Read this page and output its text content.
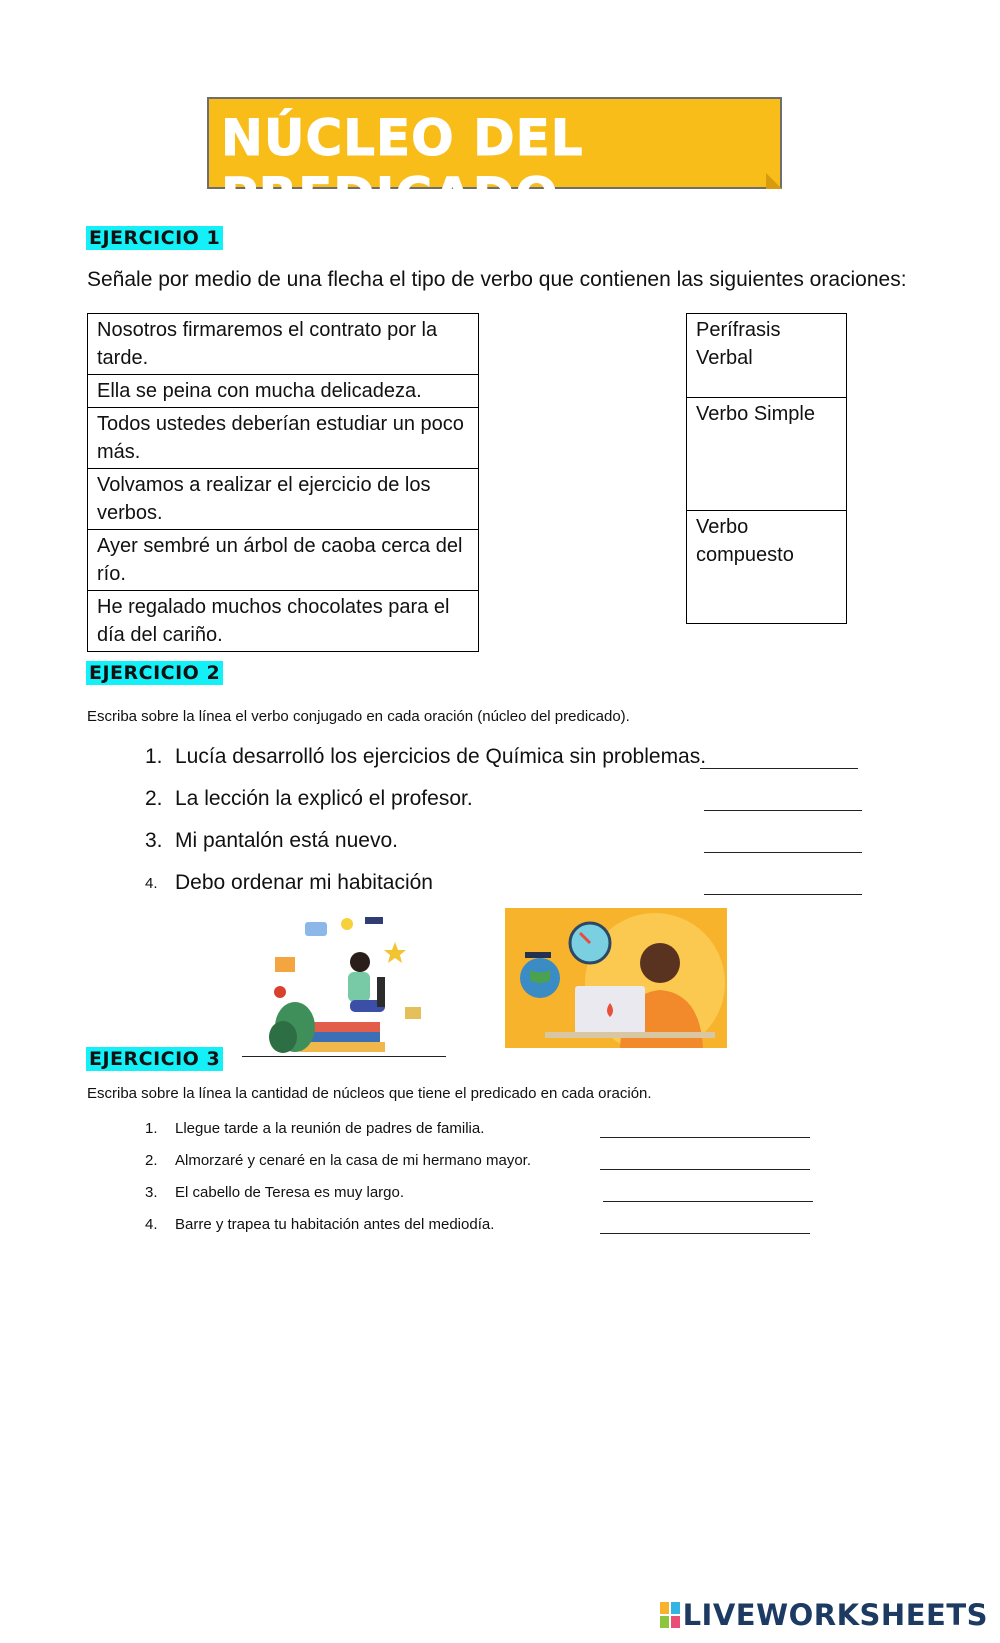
NÚCLEO DEL PREDICADO
EJERCICIO 1
Señale por medio de una flecha el tipo de verbo que contienen las siguientes oraciones:
Nosotros firmaremos el contrato por la tarde.
Ella se peina con mucha delicadeza.
Todos ustedes deberían estudiar un poco más.
Volvamos a realizar el ejercicio de los verbos.
Ayer sembré un árbol de caoba cerca del río.
He regalado muchos chocolates para el día del cariño.
Perífrasis Verbal
Verbo Simple
Verbo compuesto
EJERCICIO 2
Escriba sobre la línea el verbo conjugado en cada oración (núcleo del predicado).
1. Lucía desarrolló los ejercicios de Química sin problemas.
2. La lección la explicó el profesor.
3. Mi pantalón está nuevo.
4. Debo ordenar mi habitación
EJERCICIO 3
Escriba sobre la línea la cantidad de núcleos que tiene el predicado en cada oración.
1.	Llegue tarde a la reunión de padres de familia.
2.	Almorzaré y cenaré en la casa de mi hermano mayor.
3.	El cabello de Teresa es muy largo.
4.	Barre y trapea tu habitación antes del mediodía.
LIVEWORKSHEETS
